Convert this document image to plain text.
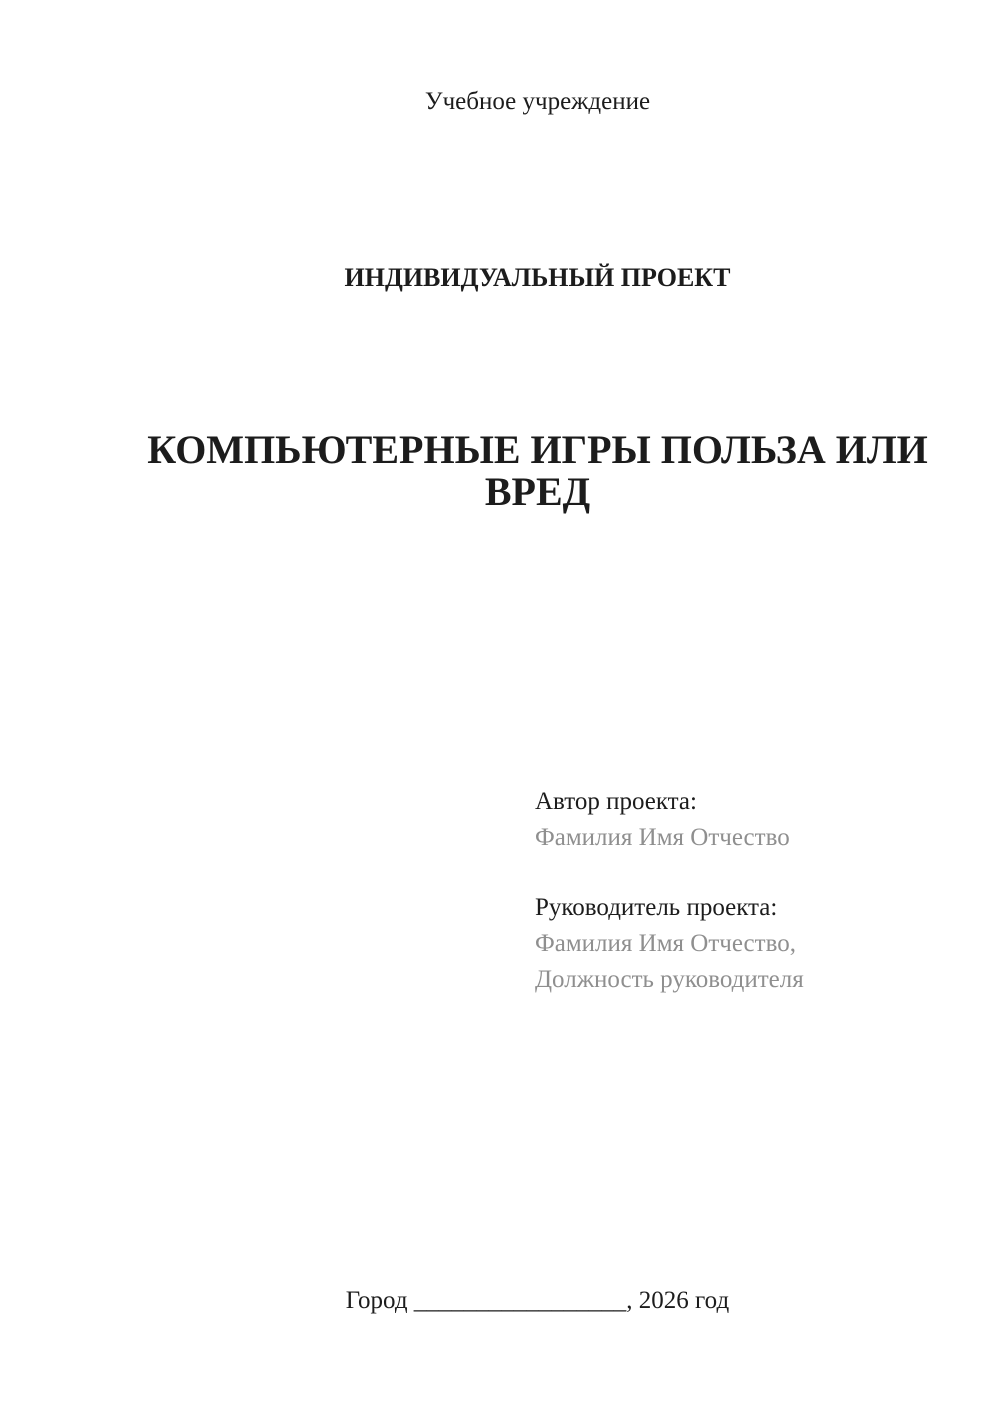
Учебное учреждение
ИНДИВИДУАЛЬНЫЙ ПРОЕКТ
КОМПЬЮТЕРНЫЕ ИГРЫ ПОЛЬЗА ИЛИ ВРЕД
Автор проекта:
Фамилия Имя Отчество
Руководитель проекта:
Фамилия Имя Отчество,
Должность руководителя
Город _________________, 2026 год
